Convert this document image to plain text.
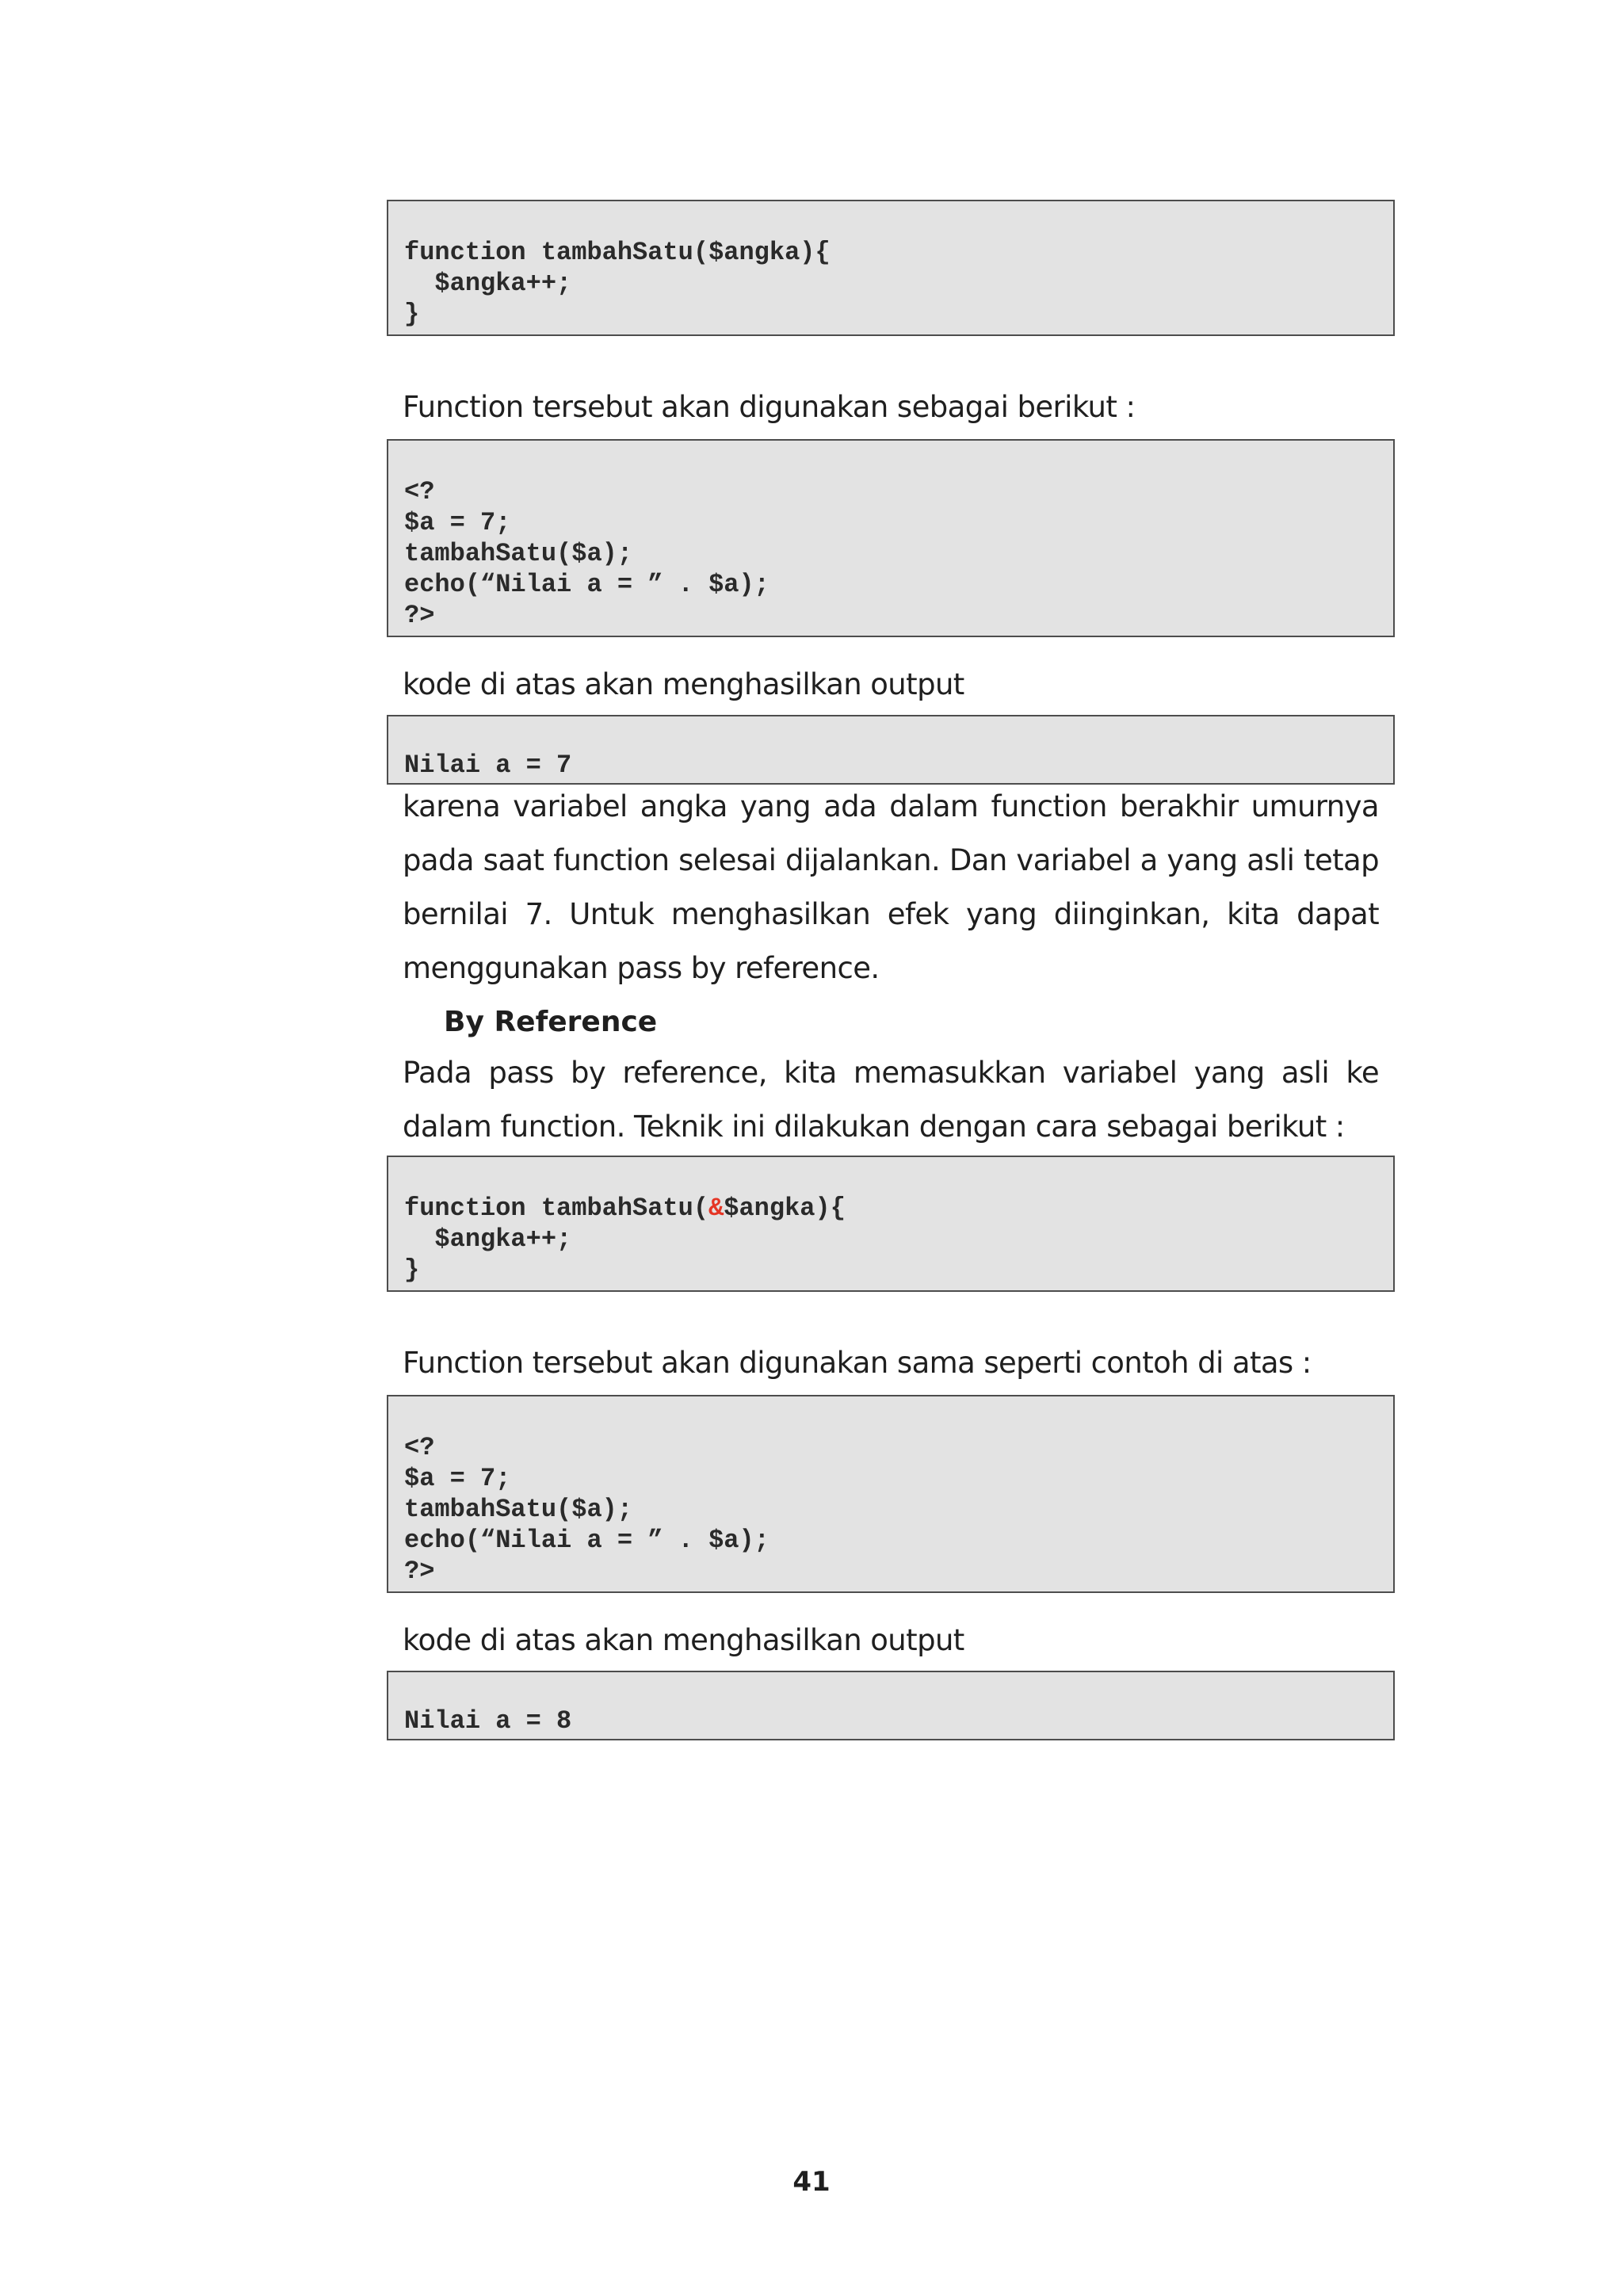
function tambahSatu($angka){
$angka++;
}
Function tersebut akan digunakan sebagai berikut :

<?
$a = 7;
tambahSatu($a);
echo(“Nilai a = ” . $a);
?>
kode di atas akan menghasilkan output

Nilai a = 7
karena variabel angka yang ada dalam function berakhir umurnya pada saat function selesai dijalankan. Dan variabel a yang asli tetap bernilai 7. Untuk menghasilkan efek yang diinginkan, kita dapat menggunakan pass by reference.
By Reference
Pada pass by reference, kita memasukkan variabel yang asli ke dalam function. Teknik ini dilakukan dengan cara sebagai berikut :

function tambahSatu(&$angka){
$angka++;
}
Function tersebut akan digunakan sama seperti contoh di atas :

<?
$a = 7;
tambahSatu($a);
echo(“Nilai a = ” . $a);
?>
kode di atas akan menghasilkan output

Nilai a = 8
41
